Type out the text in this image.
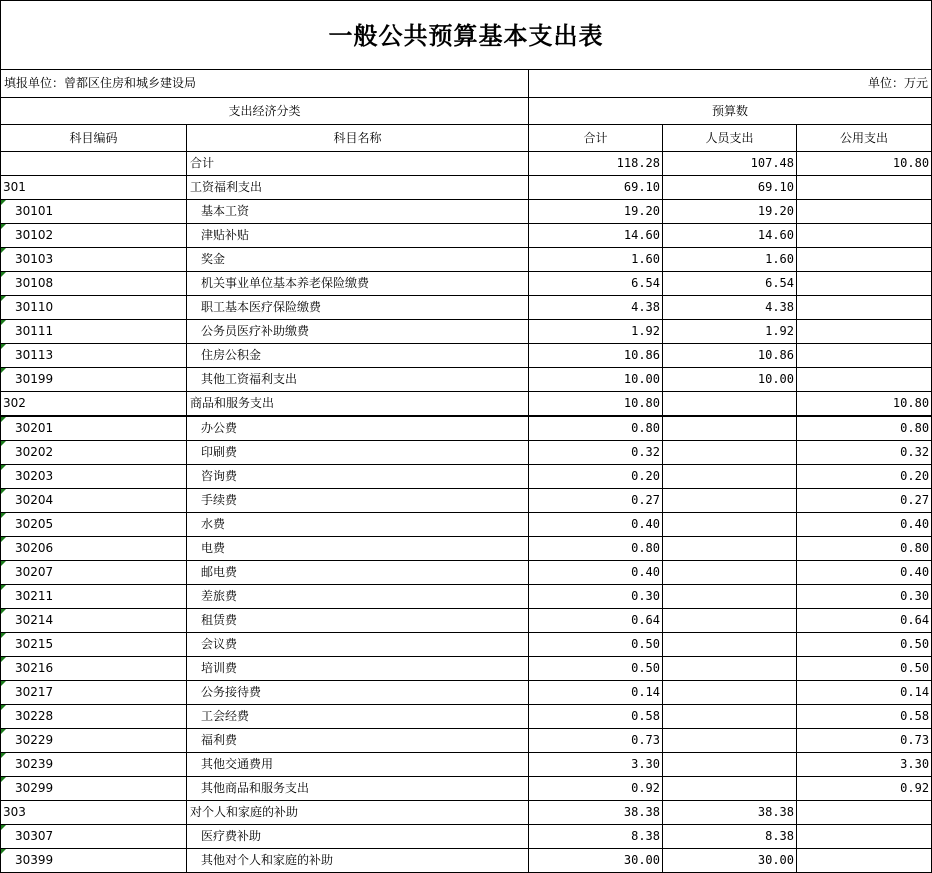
一般公共预算基本支出表				
填报单位：曾都区住房和城乡建设局		单位：万元		
支出经济分类		预算数		
科目编码	科目名称	合计	人员支出	公用支出
	合计	118.28	107.48	10.80
301	工资福利支出	69.10	69.10	
30101	基本工资	19.20	19.20	
30102	津贴补贴	14.60	14.60	
30103	奖金	1.60	1.60	
30108	机关事业单位基本养老保险缴费	6.54	6.54	
30110	职工基本医疗保险缴费	4.38	4.38	
30111	公务员医疗补助缴费	1.92	1.92	
30113	住房公积金	10.86	10.86	
30199	其他工资福利支出	10.00	10.00	
302	商品和服务支出	10.80		10.80
30201	办公费	0.80		0.80
30202	印刷费	0.32		0.32
30203	咨询费	0.20		0.20
30204	手续费	0.27		0.27
30205	水费	0.40		0.40
30206	电费	0.80		0.80
30207	邮电费	0.40		0.40
30211	差旅费	0.30		0.30
30214	租赁费	0.64		0.64
30215	会议费	0.50		0.50
30216	培训费	0.50		0.50
30217	公务接待费	0.14		0.14
30228	工会经费	0.58		0.58
30229	福利费	0.73		0.73
30239	其他交通费用	3.30		3.30
30299	其他商品和服务支出	0.92		0.92
303	对个人和家庭的补助	38.38	38.38	
30307	医疗费补助	8.38	8.38	
30399	其他对个人和家庭的补助	30.00	30.00	
